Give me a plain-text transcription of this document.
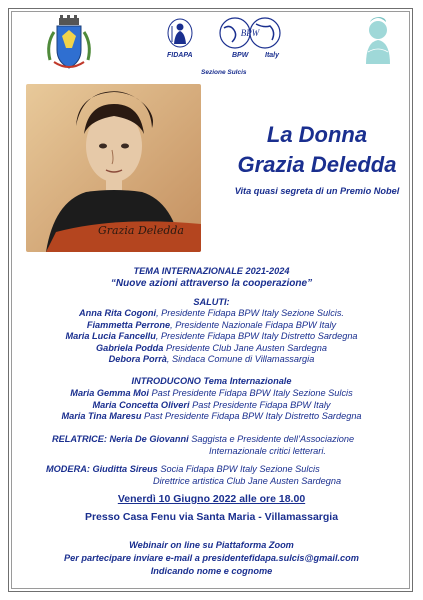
FIDAPA
BPW
BPW Italy
Sezione Sulcis
Grazia Deledda
La Donna
Grazia Deledda
Vita quasi segreta di un Premio Nobel
TEMA INTERNAZIONALE 2021-2024
“Nuove azioni attraverso la cooperazione”
SALUTI:
Anna Rita Cogoni, Presidente Fidapa BPW Italy Sezione Sulcis.
Fiammetta Perrone, Presidente Nazionale Fidapa BPW Italy
Maria Lucia Fancellu, Presidente Fidapa BPW Italy Distretto Sardegna
Gabriela Podda Presidente Club Jane Austen Sardegna
Debora Porrà, Sindaca Comune di Villamassargia
INTRODUCONO Tema Internazionale
Maria Gemma Moi Past Presidente Fidapa BPW Italy Sezione Sulcis
Maria Concetta Oliveri Past Presidente Fidapa BPW Italy
Maria Tina Maresu Past Presidente Fidapa BPW Italy Distretto Sardegna
RELATRICE: Neria De Giovanni Saggista e Presidente dell’Associazione
Internazionale critici letterari.
MODERA: Giuditta Sireus Socia Fidapa BPW Italy Sezione Sulcis
Direttrice artistica Club Jane Austen Sardegna
Venerdì 10 Giugno 2022 alle ore 18.00
Presso Casa Fenu via Santa Maria - Villamassargia
Webinair on line su Piattaforma Zoom
Per partecipare inviare e-mail a presidentefidapa.sulcis@gmail.com
Indicando nome e cognome
